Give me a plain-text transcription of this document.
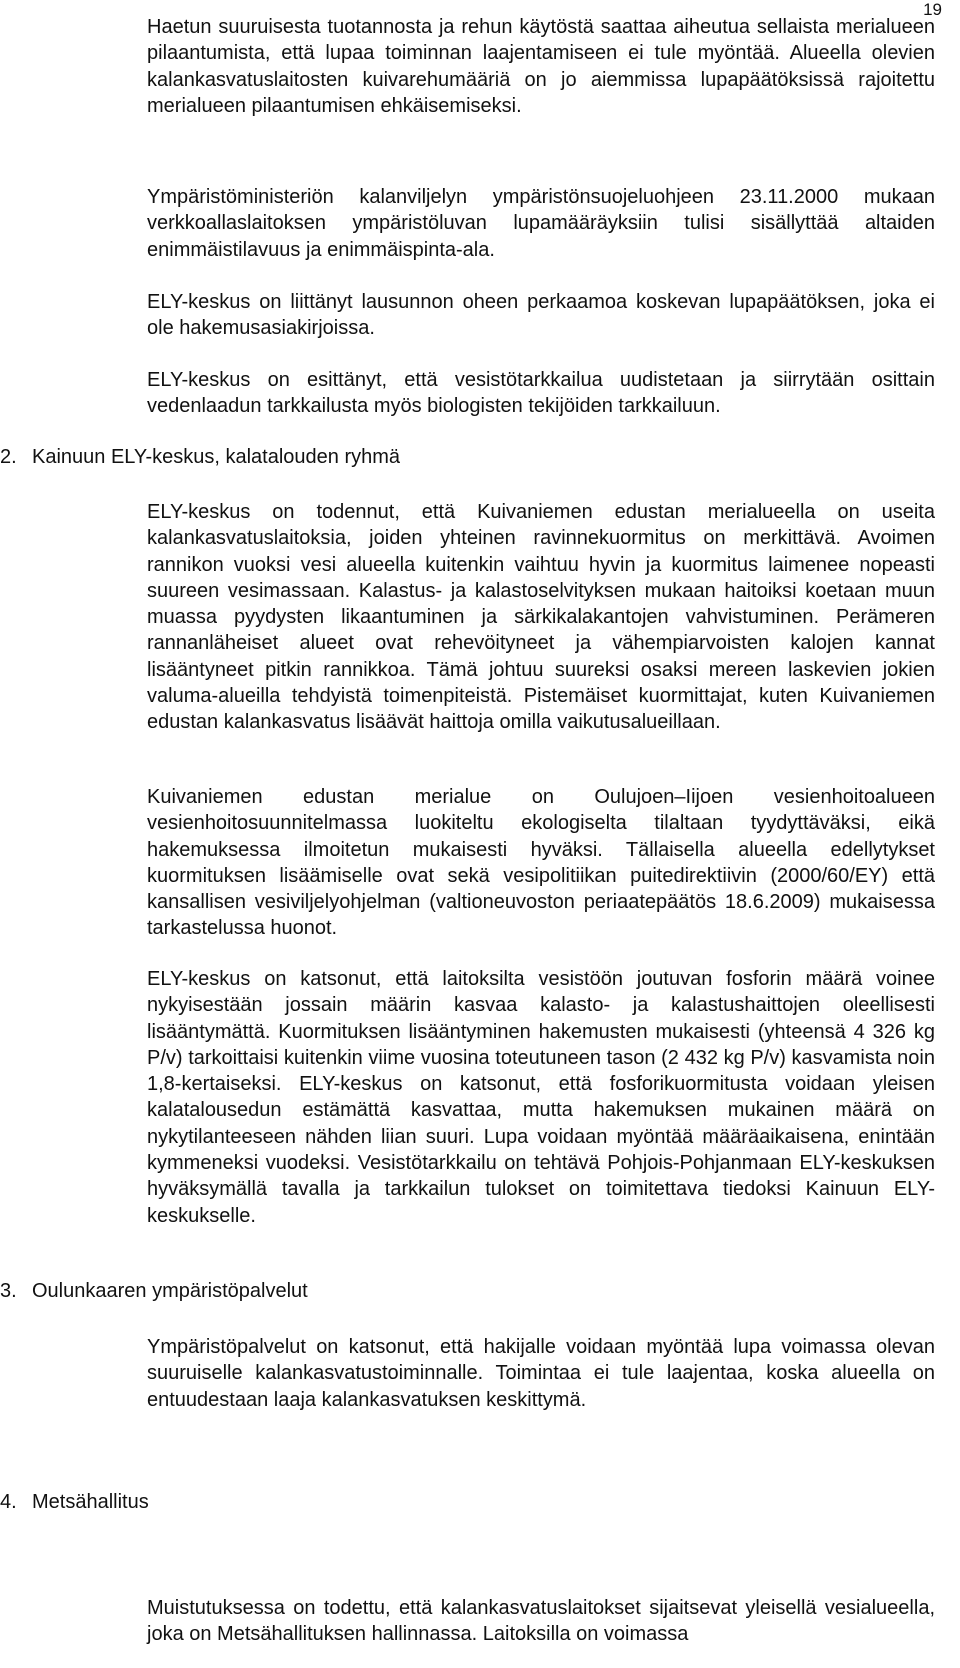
19

Haetun suuruisesta tuotannosta ja rehun käytöstä saattaa aiheutua sellaista merialueen pilaantumista, että lupaa toiminnan laajentamiseen ei tule myöntää. Alueella olevien kalankasvatuslaitosten kuivarehumääriä on jo aiemmissa lupapäätöksissä rajoitettu merialueen pilaantumisen ehkäisemiseksi.

Ympäristöministeriön kalanviljelyn ympäristönsuojeluohjeen 23.11.2000 mukaan verkkoallaslaitoksen ympäristöluvan lupamääräyksiin tulisi sisällyttää altaiden enimmäistilavuus ja enimmäispinta-ala.

ELY-keskus on liittänyt lausunnon oheen perkaamoa koskevan lupapäätöksen, joka ei ole hakemusasiakirjoissa.

ELY-keskus on esittänyt, että vesistötarkkailua uudistetaan ja siirrytään osittain vedenlaadun tarkkailusta myös biologisten tekijöiden tarkkailuun.

2. Kainuun ELY-keskus, kalatalouden ryhmä

ELY-keskus on todennut, että Kuivaniemen edustan merialueella on useita kalankasvatuslaitoksia, joiden yhteinen ravinnekuormitus on merkittävä. Avoimen rannikon vuoksi vesi alueella kuitenkin vaihtuu hyvin ja kuormitus laimenee nopeasti suureen vesimassaan. Kalastus- ja kalastoselvityksen mukaan haitoiksi koetaan muun muassa pyydysten likaantuminen ja särkikalakantojen vahvistuminen. Perämeren rannanläheiset alueet ovat rehevöityneet ja vähempiarvoisten kalojen kannat lisääntyneet pitkin rannikkoa. Tämä johtuu suureksi osaksi mereen laskevien jokien valuma-alueilla tehdyistä toimenpiteistä. Pistemäiset kuormittajat, kuten Kuivaniemen edustan kalankasvatus lisäävät haittoja omilla vaikutusalueillaan.

Kuivaniemen edustan merialue on Oulujoen–Iijoen vesienhoitoalueen vesienhoitosuunnitelmassa luokiteltu ekologiselta tilaltaan tyydyttäväksi, eikä hakemuksessa ilmoitetun mukaisesti hyväksi. Tällaisella alueella edellytykset kuormituksen lisäämiselle ovat sekä vesipolitiikan puitedirektiivin (2000/60/EY) että kansallisen vesiviljelyohjelman (valtioneuvoston periaatepäätös 18.6.2009) mukaisessa tarkastelussa huonot.

ELY-keskus on katsonut, että laitoksilta vesistöön joutuvan fosforin määrä voinee nykyisestään jossain määrin kasvaa kalasto- ja kalastushaittojen oleellisesti lisääntymättä. Kuormituksen lisääntyminen hakemusten mukaisesti (yhteensä 4 326 kg P/v) tarkoittaisi kuitenkin viime vuosina toteutuneen tason (2 432 kg P/v) kasvamista noin 1,8-kertaiseksi. ELY-keskus on katsonut, että fosforikuormitusta voidaan yleisen kalatalousedun estämättä kasvattaa, mutta hakemuksen mukainen määrä on nykytilanteeseen nähden liian suuri. Lupa voidaan myöntää määräaikaisena, enintään kymmeneksi vuodeksi. Vesistötarkkailu on tehtävä Pohjois-Pohjanmaan ELY-keskuksen hyväksymällä tavalla ja tarkkailun tulokset on toimitettava tiedoksi Kainuun ELY-keskukselle.

3. Oulunkaaren ympäristöpalvelut

Ympäristöpalvelut on katsonut, että hakijalle voidaan myöntää lupa voimassa olevan suuruiselle kalankasvatustoiminnalle. Toimintaa ei tule laajentaa, koska alueella on entuudestaan laaja kalankasvatuksen keskittymä.

4. Metsähallitus

Muistutuksessa on todettu, että kalankasvatuslaitokset sijaitsevat yleisellä vesialueella, joka on Metsähallituksen hallinnassa. Laitoksilla on voimassa
